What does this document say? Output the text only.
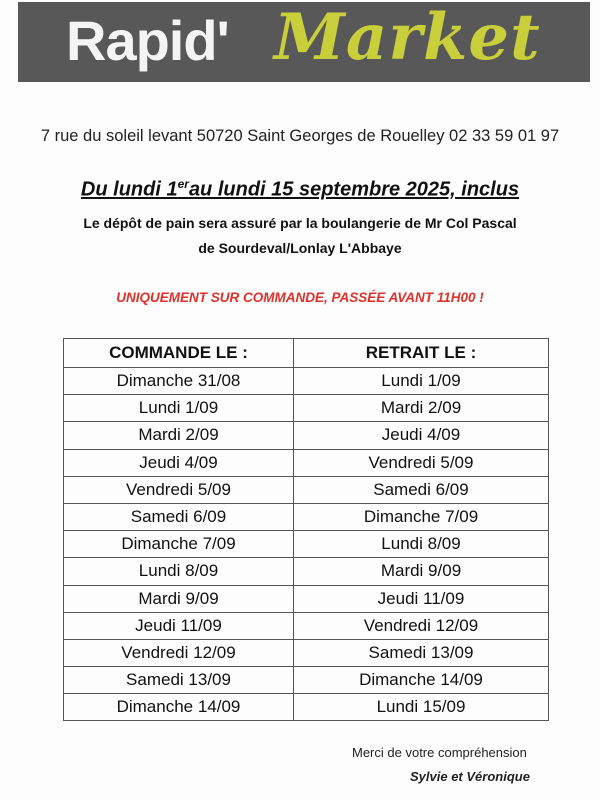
Rapid' Market
7 rue du soleil levant 50720 Saint Georges de Rouelley 02 33 59 01 97
Du lundi 1erau lundi 15 septembre 2025, inclus
Le dépôt de pain sera assuré par la boulangerie de Mr Col Pascal
de Sourdeval/Lonlay L'Abbaye
UNIQUEMENT SUR COMMANDE, PASSÉE AVANT 11H00 !
COMMANDE LE :	RETRAIT LE :
Dimanche 31/08	Lundi 1/09
Lundi 1/09	Mardi 2/09
Mardi 2/09	Jeudi 4/09
Jeudi 4/09	Vendredi 5/09
Vendredi 5/09	Samedi 6/09
Samedi 6/09	Dimanche 7/09
Dimanche 7/09	Lundi 8/09
Lundi 8/09	Mardi 9/09
Mardi 9/09	Jeudi 11/09
Jeudi 11/09	Vendredi 12/09
Vendredi 12/09	Samedi 13/09
Samedi 13/09	Dimanche 14/09
Dimanche 14/09	Lundi 15/09
Merci de votre compréhension
Sylvie et Véronique
